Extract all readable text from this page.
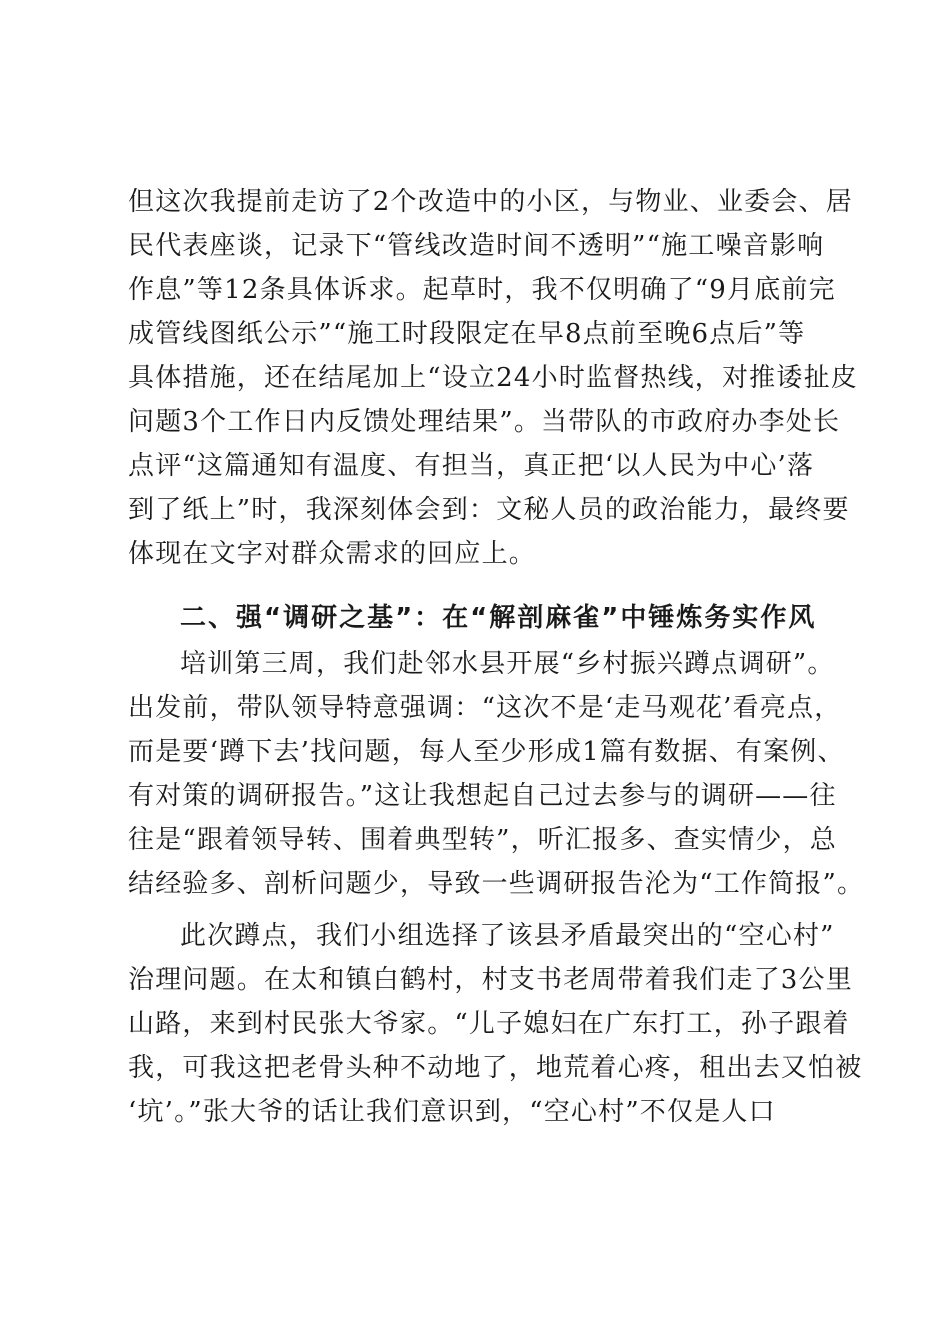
但这次我提前走访了2个改造中的小区，与物业、业委会、居
民代表座谈，记录下“管线改造时间不透明”“施工噪音影响
作息”等12条具体诉求。起草时，我不仅明确了“9月底前完
成管线图纸公示”“施工时段限定在早8点前至晚6点后”等
具体措施，还在结尾加上“设立24小时监督热线，对推诿扯皮
问题3个工作日内反馈处理结果”。当带队的市政府办李处长
点评“这篇通知有温度、有担当，真正把‘以人民为中心’落
到了纸上”时，我深刻体会到：文秘人员的政治能力，最终要
体现在文字对群众需求的回应上。
二、强“调研之基”：在“解剖麻雀”中锤炼务实作风
培训第三周，我们赴邻水县开展“乡村振兴蹲点调研”。
出发前，带队领导特意强调：“这次不是‘走马观花’看亮点，
而是要‘蹲下去’找问题，每人至少形成1篇有数据、有案例、
有对策的调研报告。”这让我想起自己过去参与的调研——往
往是“跟着领导转、围着典型转”，听汇报多、查实情少，总
结经验多、剖析问题少，导致一些调研报告沦为“工作简报”。
此次蹲点，我们小组选择了该县矛盾最突出的“空心村”
治理问题。在太和镇白鹤村，村支书老周带着我们走了3公里
山路，来到村民张大爷家。“儿子媳妇在广东打工，孙子跟着
我，可我这把老骨头种不动地了，地荒着心疼，租出去又怕被
‘坑’。”张大爷的话让我们意识到，“空心村”不仅是人口
